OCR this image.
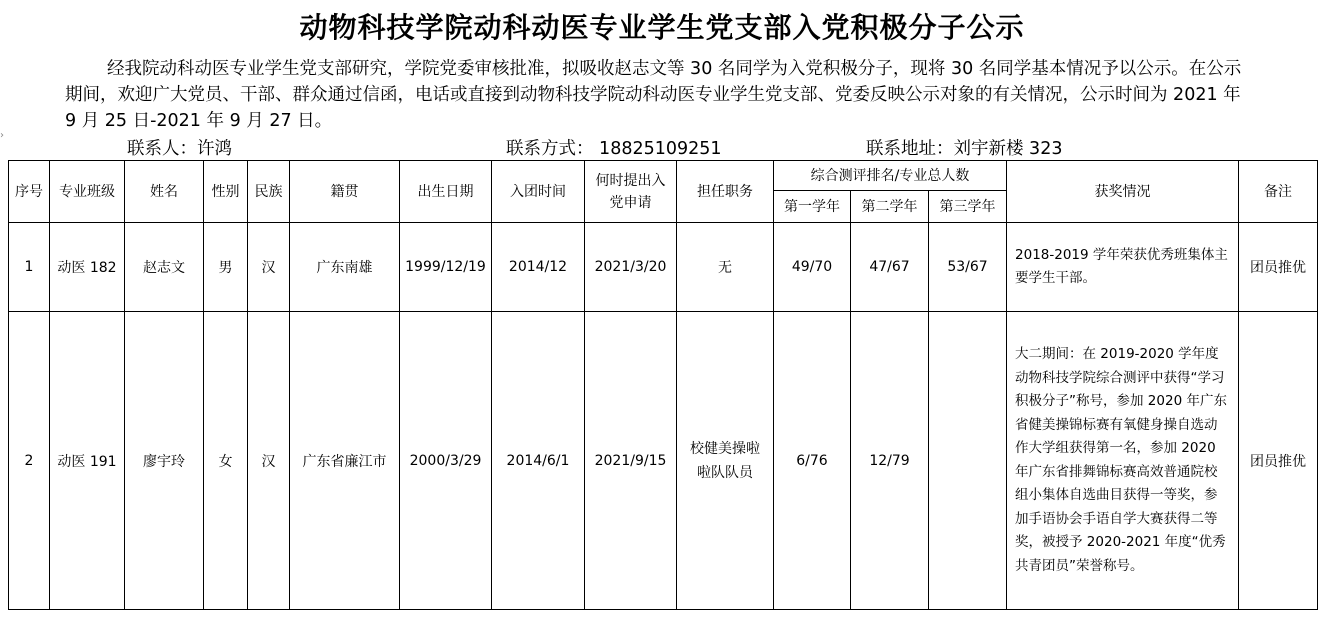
动物科技学院动科动医专业学生党支部入党积极分子公示
经我院动科动医专业学生党支部研究，学院党委审核批准，拟吸收赵志文等 30 名同学为入党积极分子，现将 30 名同学基本情况予以公示。在公示期间，欢迎广大党员、干部、群众通过信函，电话或直接到动物科技学院动科动医专业学生党支部、党委反映公示对象的有关情况，公示时间为 2021 年 9 月 25 日-2021 年 9 月 27 日。
›
联系人：许鸿	联系方式： 18825109251	联系地址：刘宇新楼 323
序号	专业班级	姓名	性别	民族	籍贯	出生日期	入团时间	何时提出入党申请	担任职务	综合测评排名/专业总人数			获奖情况	备注
										第一学年	第二学年	第三学年		
1	动医 182	赵志文	男	汉	广东南雄	1999/12/19	2014/12	2021/3/20	无	49/70	47/67	53/67	2018-2019 学年荣获优秀班集体主要学生干部。	团员推优
2	动医 191	廖宇玲	女	汉	广东省廉江市	2000/3/29	2014/6/1	2021/9/15	校健美操啦啦队队员	6/76	12/79		大二期间：在 2019-2020 学年度动物科技学院综合测评中获得“学习积极分子”称号，参加 2020 年广东省健美操锦标赛有氧健身操自选动作大学组获得第一名，参加 2020 年广东省排舞锦标赛高效普通院校组小集体自选曲目获得一等奖，参加手语协会手语自学大赛获得二等奖，被授予 2020-2021 年度“优秀共青团员”荣誉称号。	团员推优
